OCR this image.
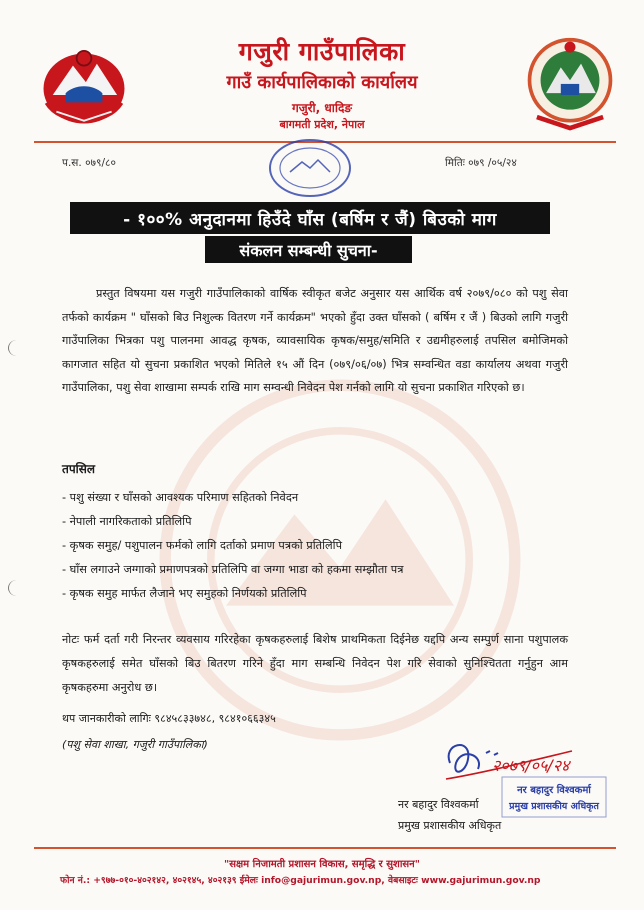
गजुरी गाउँपालिका
गाउँ कार्यपालिकाको कार्यालय
गजुरी, धादिङ
बागमती प्रदेश, नेपाल
प.स. ०७९/८०	मितिः ०७९ /०५/२४
- १००% अनुदानमा हिउँदे घाँस (बर्षिम र जैं) बिउको माग
संकलन सम्बन्धी सुचना-
प्रस्तुत विषयमा यस गजुरी गाउँपालिकाको वार्षिक स्वीकृत बजेट अनुसार यस आर्थिक वर्ष २०७९/०८० को पशु सेवा तर्फको कार्यक्रम " घाँसको बिउ निशुल्क वितरण गर्ने कार्यक्रम" भएको हुँदा उक्त घाँसको ( बर्षिम र जैं ) बिउको लागि गजुरी गाउँपालिका भित्रका पशु पालनमा आवद्ध कृषक, व्यावसायिक कृषक/समुह/समिति र उद्यमीहरुलाई तपसिल बमोजिमको कागजात सहित यो सुचना प्रकाशित भएको मितिले १५ औं दिन (०७९/०६/०७) भित्र सम्वन्धित वडा कार्यालय अथवा गजुरी गाउँपालिका, पशु सेवा शाखामा सम्पर्क राखि माग सम्वन्धी निवेदन पेश गर्नको लागि यो सुचना प्रकाशित गरिएको छ।
तपसिल
- पशु संख्या र घाँसको आवश्यक परिमाण सहितको निवेदन
- नेपाली नागरिकताको प्रतिलिपि
- कृषक समुह/ पशुपालन फर्मको लागि दर्ताको प्रमाण पत्रको प्रतिलिपि
- घाँस लगाउने जग्गाको प्रमाणपत्रको प्रतिलिपि वा जग्गा भाडा को हकमा सम्झौता पत्र
- कृषक समुह मार्फत लैजाने भए समुहको निर्णयको प्रतिलिपि
नोटः फर्म दर्ता गरी निरन्तर व्यवसाय गरिरहेका कृषकहरुलाई बिशेष प्राथमिकता दिईनेछ यद्दपि अन्य सम्पुर्ण साना पशुपालक कृषकहरुलाई समेत घाँसको बिउ बितरण गरिने हुँदा माग सम्बन्धि निवेदन पेश गरि सेवाको सुनिश्चितता गर्नुहुन आम कृषकहरुमा अनुरोध छ।
थप जानकारीको लागिः ९८४५८३३७४८, ९८४१०६६३४५
(पशु सेवा शाखा, गजुरी गाउँपालिका)
२०७९/०५/२४
नर बहादुर विश्वकर्मा
प्रमुख प्रशासकीय अधिकृत
नर बहादुर विश्वकर्मा
प्रमुख प्रशासकीय अधिकृत
"सक्षम निजामती प्रशासन विकास, समृद्धि र सुशासन"
फोन नं.: +९७७-०१०-४०२१४२, ४०२१४५, ४०२१३९ ईमेलः info@gajurimun.gov.np, वेबसाइटः www.gajurimun.gov.np
